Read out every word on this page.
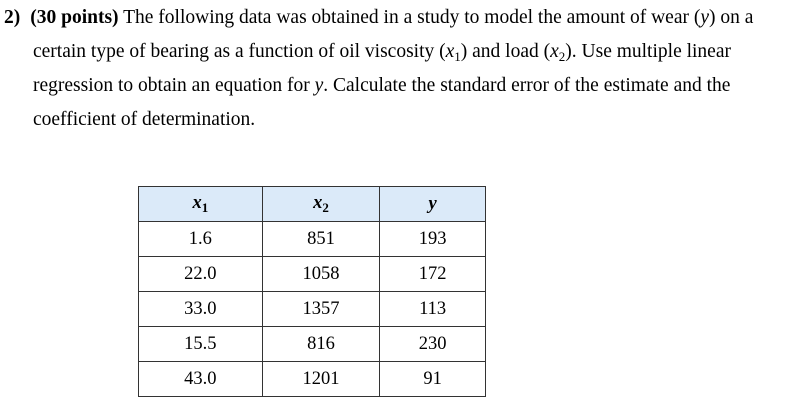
2) (30 points) The following data was obtained in a study to model the amount of wear (y) on a
certain type of bearing as a function of oil viscosity $(x_1)$ and load $(x_2)$. Use multiple linear
regression to obtain an equation for y. Calculate the standard error of the estimate and the
coefficient of determination.
$x_1$	$x_2$	y
1.6	851	193
22.0	1058	172
33.0	1357	113
15.5	816	230
43.0	1201	91
